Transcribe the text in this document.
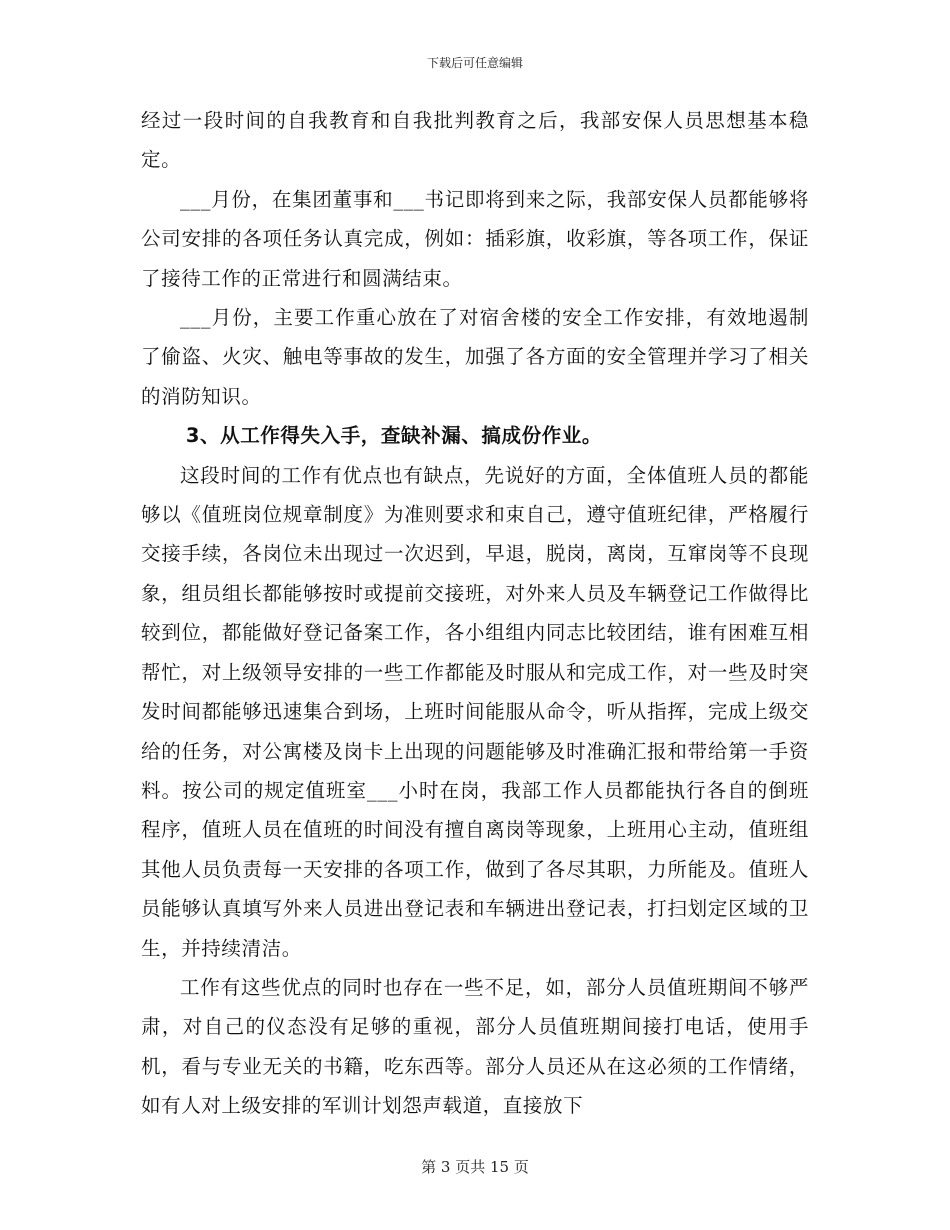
下载后可任意编辑

经过一段时间的自我教育和自我批判教育之后，我部安保人员思想基本稳定。

___月份，在集团董事和___书记即将到来之际，我部安保人员都能够将公司安排的各项任务认真完成，例如：插彩旗，收彩旗，等各项工作，保证了接待工作的正常进行和圆满结束。

___月份，主要工作重心放在了对宿舍楼的安全工作安排，有效地遏制了偷盗、火灾、触电等事故的发生，加强了各方面的安全管理并学习了相关的消防知识。

3、从工作得失入手，查缺补漏、搞成份作业。

这段时间的工作有优点也有缺点，先说好的方面，全体值班人员的都能够以《值班岗位规章制度》为准则要求和束自己，遵守值班纪律，严格履行交接手续，各岗位未出现过一次迟到，早退，脱岗，离岗，互窜岗等不良现象，组员组长都能够按时或提前交接班，对外来人员及车辆登记工作做得比较到位，都能做好登记备案工作，各小组组内同志比较团结，谁有困难互相帮忙，对上级领导安排的一些工作都能及时服从和完成工作，对一些及时突发时间都能够迅速集合到场，上班时间能服从命令，听从指挥，完成上级交给的任务，对公寓楼及岗卡上出现的问题能够及时准确汇报和带给第一手资料。按公司的规定值班室___小时在岗，我部工作人员都能执行各自的倒班程序，值班人员在值班的时间没有擅自离岗等现象，上班用心主动，值班组其他人员负责每一天安排的各项工作，做到了各尽其职，力所能及。值班人员能够认真填写外来人员进出登记表和车辆进出登记表，打扫划定区域的卫生，并持续清洁。

工作有这些优点的同时也存在一些不足，如，部分人员值班期间不够严肃，对自己的仪态没有足够的重视，部分人员值班期间接打电话，使用手机，看与专业无关的书籍，吃东西等。部分人员还从在这必须的工作情绪，如有人对上级安排的军训计划怨声载道，直接放下

第 3 页共 15 页
